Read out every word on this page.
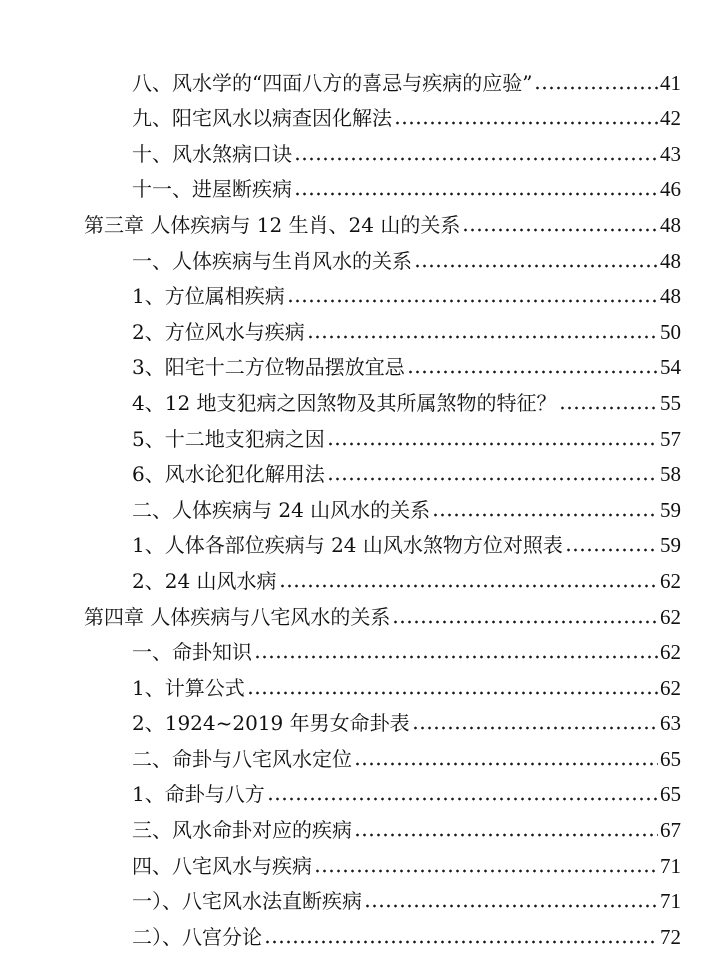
八、风水学的“四面八方的喜忌与疾病的应验”	41
九、阳宅风水以病查因化解法	42
十、风水煞病口诀	43
十一、进屋断疾病	46
第三章 人体疾病与 12 生肖、24 山的关系	48
一、人体疾病与生肖风水的关系	48
1、方位属相疾病	48
2、方位风水与疾病	50
3、阳宅十二方位物品摆放宜忌	54
4、12 地支犯病之因煞物及其所属煞物的特征？	55
5、十二地支犯病之因	57
6、风水论犯化解用法	58
二、人体疾病与 24 山风水的关系	59
1、人体各部位疾病与 24 山风水煞物方位对照表	59
2、24 山风水病	62
第四章 人体疾病与八宅风水的关系	62
一、命卦知识	62
1、计算公式	62
2、1924~2019 年男女命卦表	63
二、命卦与八宅风水定位	65
1、命卦与八方	65
三、风水命卦对应的疾病	67
四、八宅风水与疾病	71
一）、八宅风水法直断疾病	71
二）、八宫分论	72
